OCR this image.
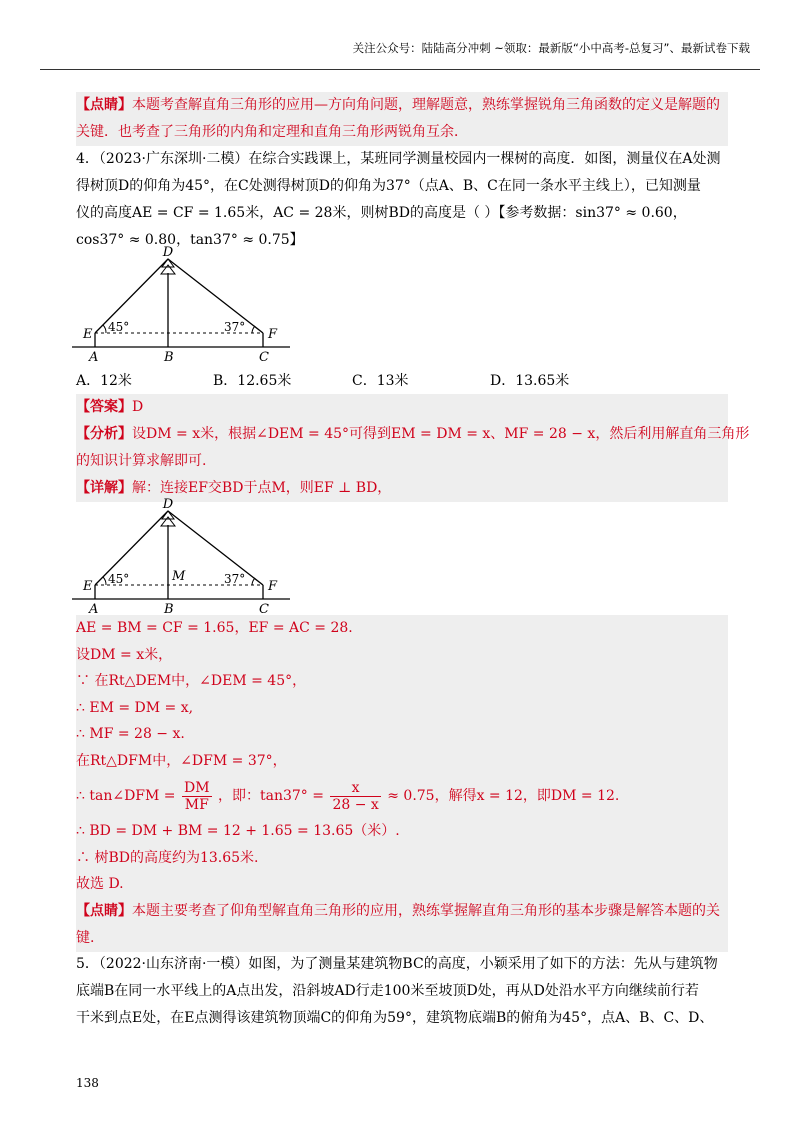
关注公众号：陆陆高分冲刺 ~领取：最新版“小中高考-总复习”、最新试卷下载
【点睛】本题考查解直角三角形的应用—方向角问题，理解题意，熟练掌握锐角三角函数的定义是解题的
关键．也考查了三角形的内角和定理和直角三角形两锐角互余．
4．（2023·广东深圳·二模）在综合实践课上，某班同学测量校园内一棵树的高度．如图，测量仪在A处测
得树顶D的仰角为45°，在C处测得树顶D的仰角为37°（点A、B、C在同一条水平主线上），已知测量
仪的高度AE = CF = 1.65米，AC = 28米，则树BD的高度是（ ）【参考数据：sin37° ≈ 0.60，
cos37° ≈ 0.80，tan37° ≈ 0.75】
D
E	F
A	B	C
45°	37°
A．12米	B．12.65米	C．13米	D．13.65米
【答案】D
【分析】设DM = x米，根据∠DEM = 45°可得到EM = DM = x、MF = 28 − x，然后利用解直角三角形
的知识计算求解即可.
【详解】解：连接EF交BD于点M，则EF ⊥ BD，
D
E	F
M
A	B	C
45°	37°
AE = BM = CF = 1.65，EF = AC = 28.
设DM = x米，
∵ 在Rt△DEM中，∠DEM = 45°，
∴ EM = DM = x,
∴ MF = 28 − x.
在Rt△DFM中，∠DFM = 37°，
∴ tan∠DFM = $\frac{DM}{MF}$ ，即：$\tan 37^\circ = \frac{x}{28 - x} \approx 0.75$，解得x = 12，即DM = 12.
∴ BD = DM + BM = 12 + 1.65 = 13.65（米）.
∴ 树BD的高度约为13.65米.
故选 D.
【点睛】本题主要考查了仰角型解直角三角形的应用，熟练掌握解直角三角形的基本步骤是解答本题的关
键.
5．（2022·山东济南·一模）如图，为了测量某建筑物BC的高度，小颖采用了如下的方法：先从与建筑物
底端B在同一水平线上的A点出发，沿斜坡AD行走100米至坡顶D处，再从D处沿水平方向继续前行若
干米到点E处，在E点测得该建筑物顶端C的仰角为59°，建筑物底端B的俯角为45°，点A、B、C、D、
138
